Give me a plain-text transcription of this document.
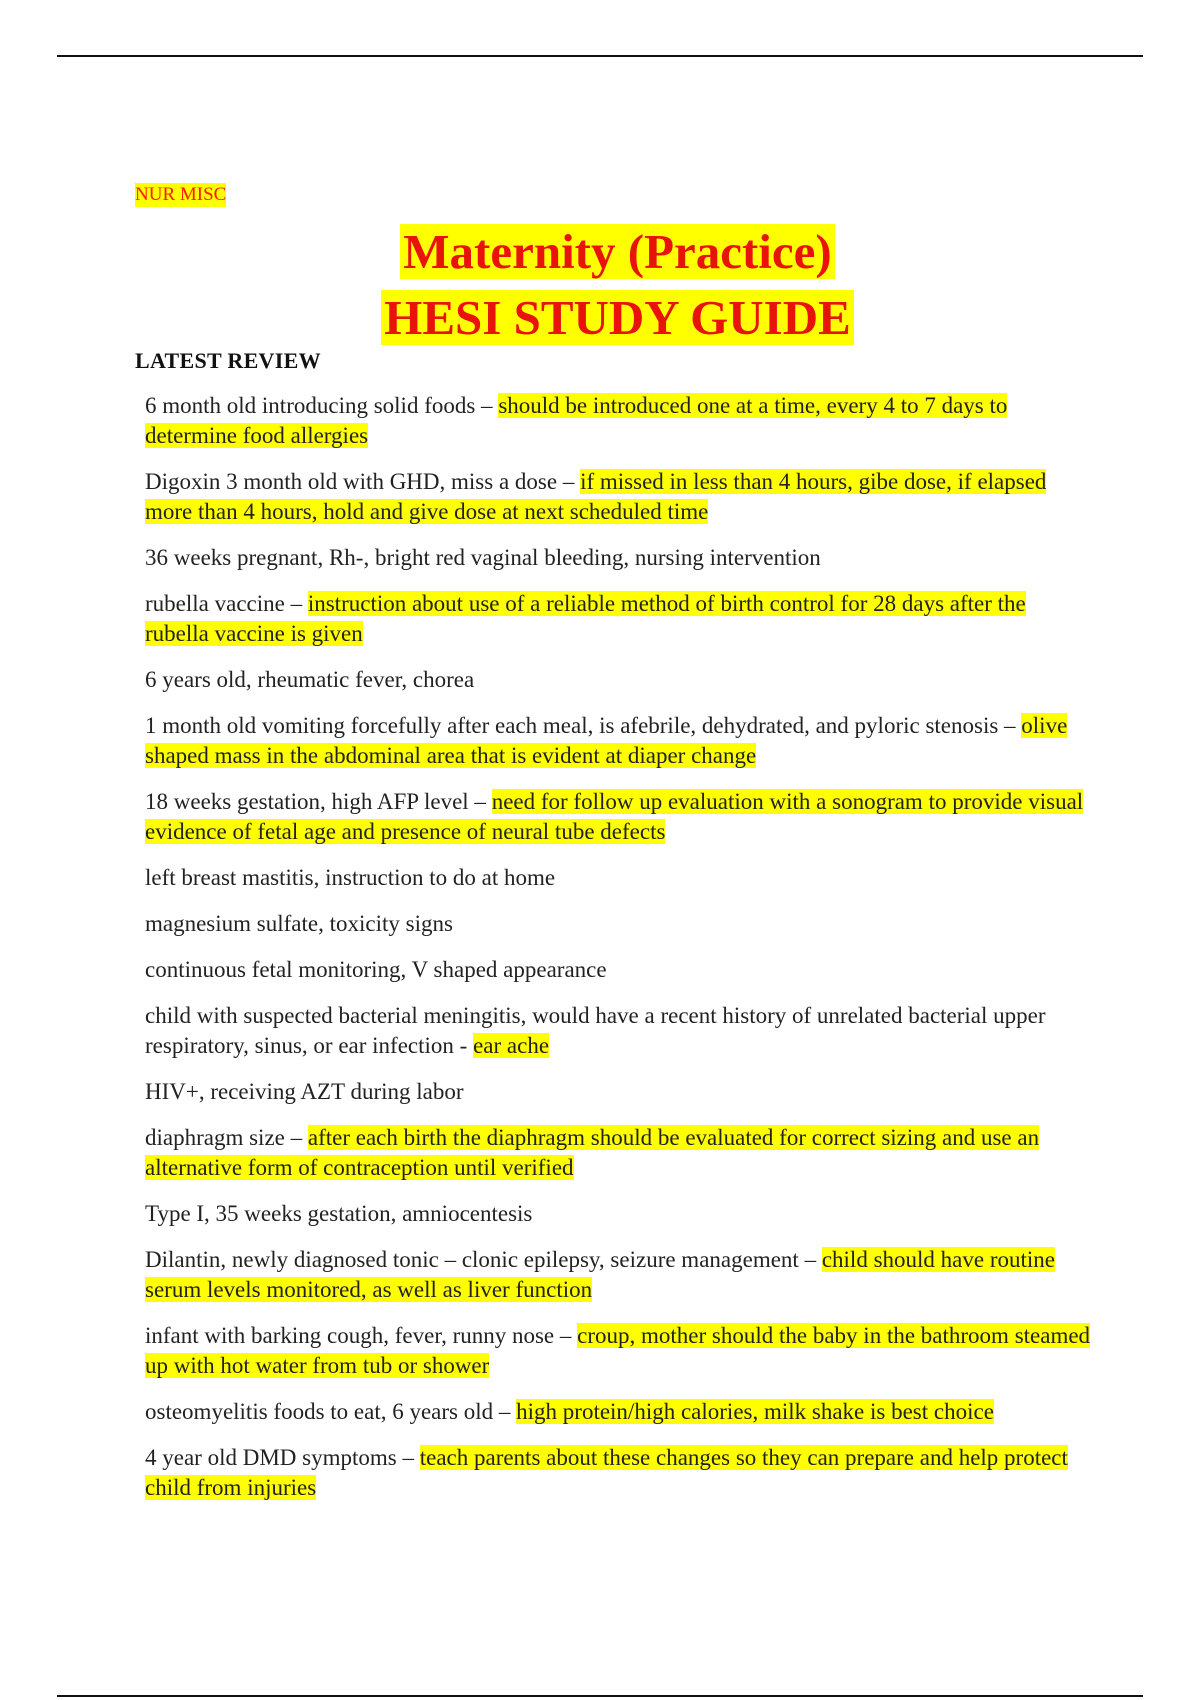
NUR MISC
Maternity (Practice)
HESI STUDY GUIDE
LATEST REVIEW

6 month old introducing solid foods – should be introduced one at a time, every 4 to 7 days to determine food allergies

Digoxin 3 month old with GHD, miss a dose – if missed in less than 4 hours, gibe dose, if elapsed more than 4 hours, hold and give dose at next scheduled time

36 weeks pregnant, Rh-, bright red vaginal bleeding, nursing intervention

rubella vaccine – instruction about use of a reliable method of birth control for 28 days after the rubella vaccine is given

6 years old, rheumatic fever, chorea

1 month old vomiting forcefully after each meal, is afebrile, dehydrated, and pyloric stenosis – olive shaped mass in the abdominal area that is evident at diaper change

18 weeks gestation, high AFP level – need for follow up evaluation with a sonogram to provide visual evidence of fetal age and presence of neural tube defects

left breast mastitis, instruction to do at home

magnesium sulfate, toxicity signs

continuous fetal monitoring, V shaped appearance

child with suspected bacterial meningitis, would have a recent history of unrelated bacterial upper respiratory, sinus, or ear infection - ear ache

HIV+, receiving AZT during labor

diaphragm size – after each birth the diaphragm should be evaluated for correct sizing and use an alternative form of contraception until verified

Type I, 35 weeks gestation, amniocentesis

Dilantin, newly diagnosed tonic – clonic epilepsy, seizure management – child should have routine serum levels monitored, as well as liver function

infant with barking cough, fever, runny nose – croup, mother should the baby in the bathroom steamed up with hot water from tub or shower

osteomyelitis foods to eat, 6 years old – high protein/high calories, milk shake is best choice

4 year old DMD symptoms – teach parents about these changes so they can prepare and help protect child from injuries
